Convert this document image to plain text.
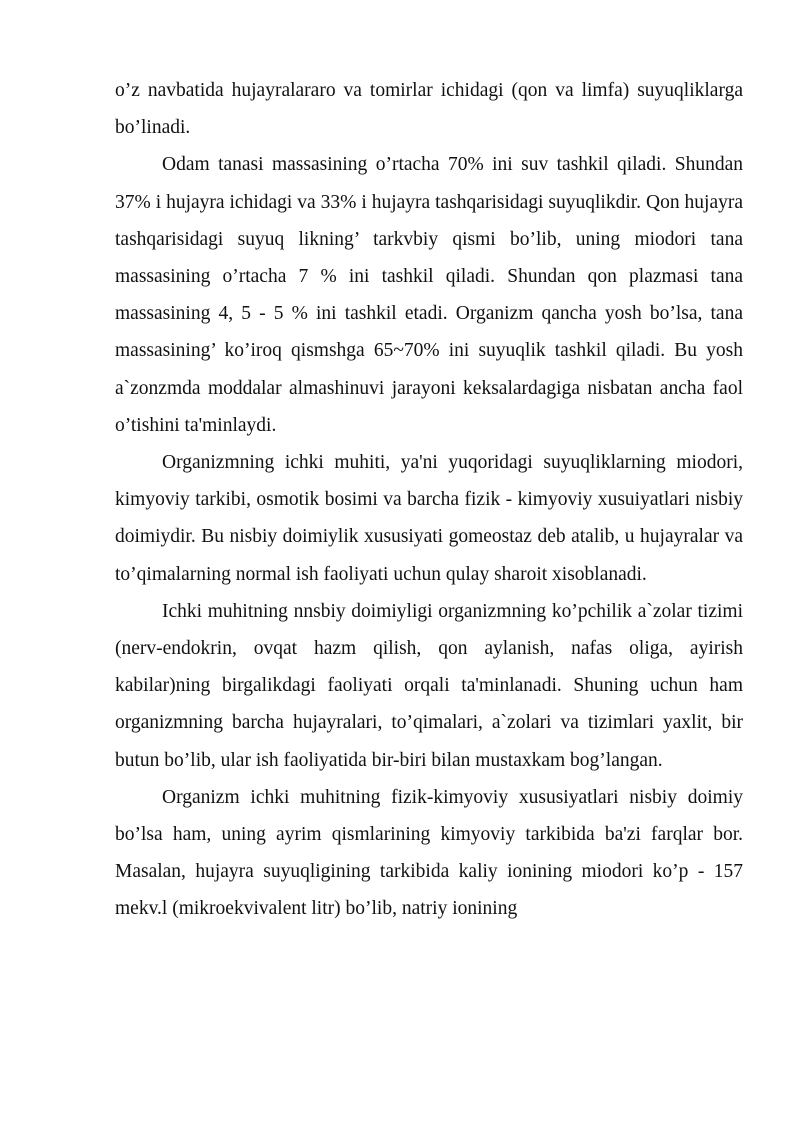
o’z navbatida hujayralararo va tomirlar ichidagi (qon va limfa) suyuqliklarga bo’linadi.

Odam tanasi massasining o’rtacha 70% ini suv tashkil qiladi. Shundan 37% i hujayra ichidagi va 33% i hujayra tashqarisidagi suyuqlikdir. Qon hujayra tashqarisidagi suyuq likning’ tarkvbiy qismi bo’lib, uning miodori tana massasining o’rtacha 7 % ini tashkil qiladi. Shundan qon plazmasi tana massasining 4, 5 - 5 % ini tashkil etadi. Organizm qancha yosh bo’lsa, tana massasining’ ko’iroq qismshga 65~70% ini suyuqlik tashkil qiladi. Bu yosh a`zonzmda moddalar almashinuvi jarayoni keksalardagiga nisbatan ancha faol o’tishini ta'minlaydi.

Organizmning ichki muhiti, ya'ni yuqoridagi suyuqliklarning miodori, kimyoviy tarkibi, osmotik bosimi va barcha fizik - kimyoviy xusuiyatlari nisbiy doimiydir. Bu nisbiy doimiylik xususiyati gomeostaz deb atalib, u hujayralar va to’qimalarning normal ish faoliyati uchun qulay sharoit xisoblanadi.

Ichki muhitning nnsbiy doimiyligi organizmning ko’pchilik a`zolar tizimi (nerv-endokrin, ovqat hazm qilish, qon aylanish, nafas oliga, ayirish kabilar)ning birgalikdagi faoliyati orqali ta'minlanadi. Shuning uchun ham organizmning barcha hujayralari, to’qimalari, a`zolari va tizimlari yaxlit, bir butun bo’lib, ular ish faoliyatida bir-biri bilan mustaxkam bog’langan.

Organizm ichki muhitning fizik-kimyoviy xususiyatlari nisbiy doimiy bo’lsa ham, uning ayrim qismlarining kimyoviy tarkibida ba'zi farqlar bor. Masalan, hujayra suyuqligining tarkibida kaliy ionining miodori ko’p - 157 mekv.l (mikroekvivalent litr) bo’lib, natriy ionining
